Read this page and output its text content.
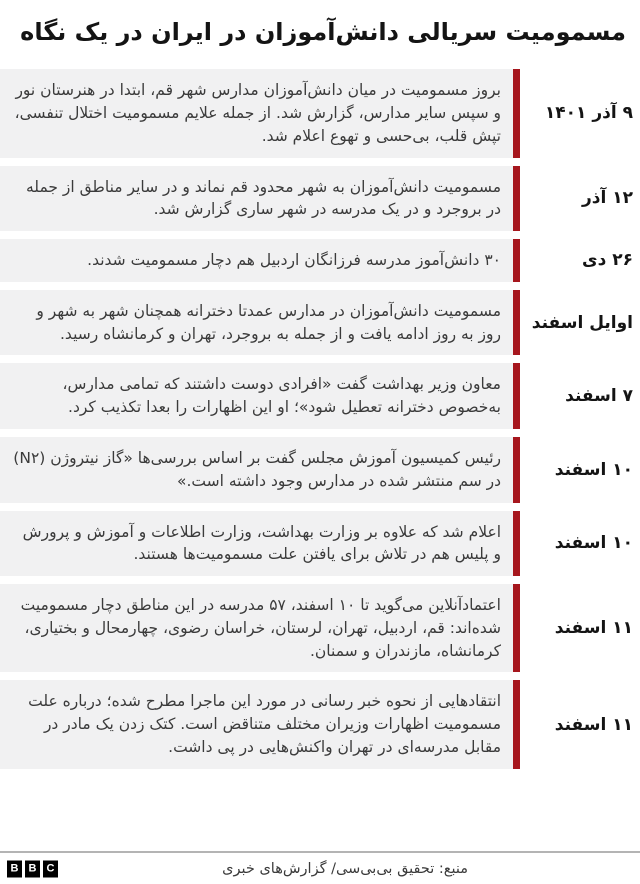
مسمومیت سریالی دانش‌آموزان در ایران در یک نگاه
۹ آذر ۱۴۰۱
بروز مسمومیت در میان دانش‌آموزان مدارس شهر قم، ابتدا در هنرستان نور و سپس سایر مدارس، گزارش شد. از جمله علایم مسمومیت اختلال تنفسی، تپش قلب، بی‌حسی و تهوع اعلام شد.
۱۲ آذر
مسمومیت دانش‌آموزان به شهر محدود قم نماند و در سایر مناطق از جمله در بروجرد و در یک مدرسه در شهر ساری گزارش شد.
۲۶ دی
۳۰ دانش‌آموز مدرسه فرزانگان اردبیل هم دچار مسمومیت شدند.
اوایل اسفند
مسمومیت دانش‌آموزان در مدارس عمدتا دخترانه همچنان شهر به شهر و روز به روز ادامه یافت و از جمله به بروجرد، تهران و کرمانشاه رسید.
۷ اسفند
معاون وزیر بهداشت گفت «افرادی دوست داشتند که تمامی مدارس، به‌خصوص دخترانه تعطیل شود»؛ او این اظهارات را بعدا تکذیب کرد.
۱۰ اسفند
رئیس کمیسیون آموزش مجلس گفت بر اساس بررسی‌ها «گاز نیتروژن (N۲) در سم منتشر شده در مدارس وجود داشته است.»
۱۰ اسفند
اعلام شد که علاوه بر وزارت بهداشت، وزارت اطلاعات و آموزش و پرورش و پلیس هم در تلاش برای یافتن علت مسمومیت‌ها هستند.
۱۱ اسفند
اعتمادآنلاین می‌گوید تا ۱۰ اسفند، ۵۷ مدرسه در این مناطق دچار مسمومیت شده‌اند: قم، اردبیل، تهران، لرستان، خراسان رضوی، چهارمحال و بختیاری، کرمانشاه، مازندران و سمنان.
۱۱ اسفند
انتقادهایی از نحوه خبر رسانی در مورد این ماجرا مطرح شده؛ درباره علت مسمومیت اظهارات وزیران مختلف متناقض است. کتک زدن یک مادر در مقابل مدرسه‌ای در تهران واکنش‌هایی در پی داشت.
منبع: تحقیق بی‌بی‌سی/ گزارش‌های خبری
B B C
